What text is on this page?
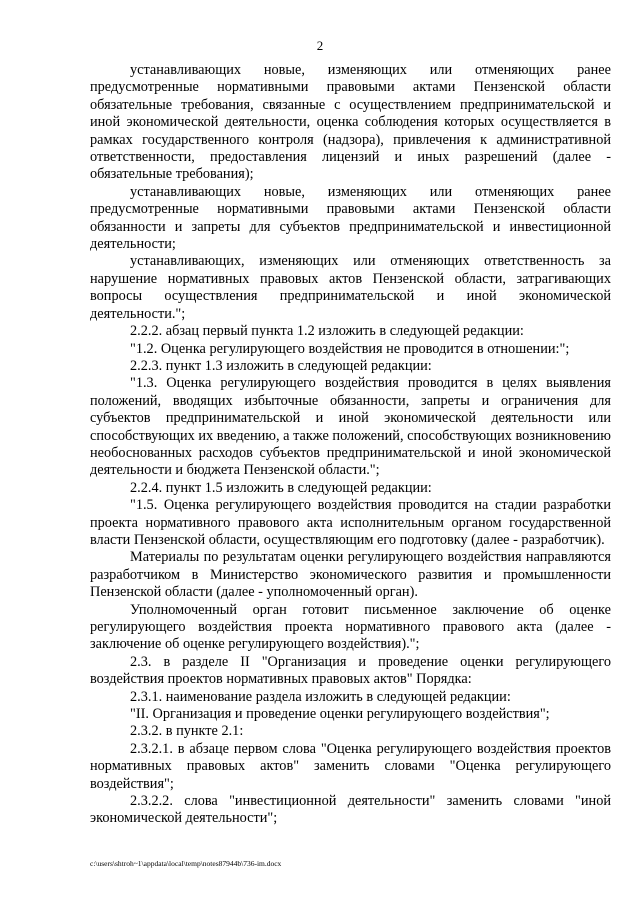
2

устанавливающих новые, изменяющих или отменяющих ранее предусмотренные нормативными правовыми актами Пензенской области обязательные требования, связанные с осуществлением предпринимательской и иной экономической деятельности, оценка соблюдения которых осуществляется в рамках государственного контроля (надзора), привлечения к административной ответственности, предоставления лицензий и иных разрешений (далее - обязательные требования);

устанавливающих новые, изменяющих или отменяющих ранее предусмотренные нормативными правовыми актами Пензенской области обязанности и запреты для субъектов предпринимательской и инвестиционной деятельности;

устанавливающих, изменяющих или отменяющих ответственность за нарушение нормативных правовых актов Пензенской области, затрагивающих вопросы осуществления предпринимательской и иной экономической деятельности.";

2.2.2. абзац первый пункта 1.2 изложить в следующей редакции:

"1.2. Оценка регулирующего воздействия не проводится в отношении:";

2.2.3. пункт 1.3 изложить в следующей редакции:

"1.3. Оценка регулирующего воздействия проводится в целях выявления положений, вводящих избыточные обязанности, запреты и ограничения для субъектов предпринимательской и иной экономической деятельности или способствующих их введению, а также положений, способствующих возникновению необоснованных расходов субъектов предпринимательской и иной экономической деятельности и бюджета Пензенской области.";

2.2.4. пункт 1.5 изложить в следующей редакции:

"1.5. Оценка регулирующего воздействия проводится на стадии разработки проекта нормативного правового акта исполнительным органом государственной власти Пензенской области, осуществляющим его подготовку (далее - разработчик).

Материалы по результатам оценки регулирующего воздействия направляются разработчиком в Министерство экономического развития и промышленности Пензенской области (далее - уполномоченный орган).

Уполномоченный орган готовит письменное заключение об оценке регулирующего воздействия проекта нормативного правового акта (далее - заключение об оценке регулирующего воздействия).";

2.3. в разделе II "Организация и проведение оценки регулирующего воздействия проектов нормативных правовых актов" Порядка:

2.3.1. наименование раздела изложить в следующей редакции:

"II. Организация и проведение оценки регулирующего воздействия";

2.3.2. в пункте 2.1:

2.3.2.1. в абзаце первом слова "Оценка регулирующего воздействия проектов нормативных правовых актов" заменить словами "Оценка регулирующего воздействия";

2.3.2.2. слова "инвестиционной деятельности" заменить словами "иной экономической деятельности";

c:\users\shtroh~1\appdata\local\temp\notes87944b\736-im.docx
